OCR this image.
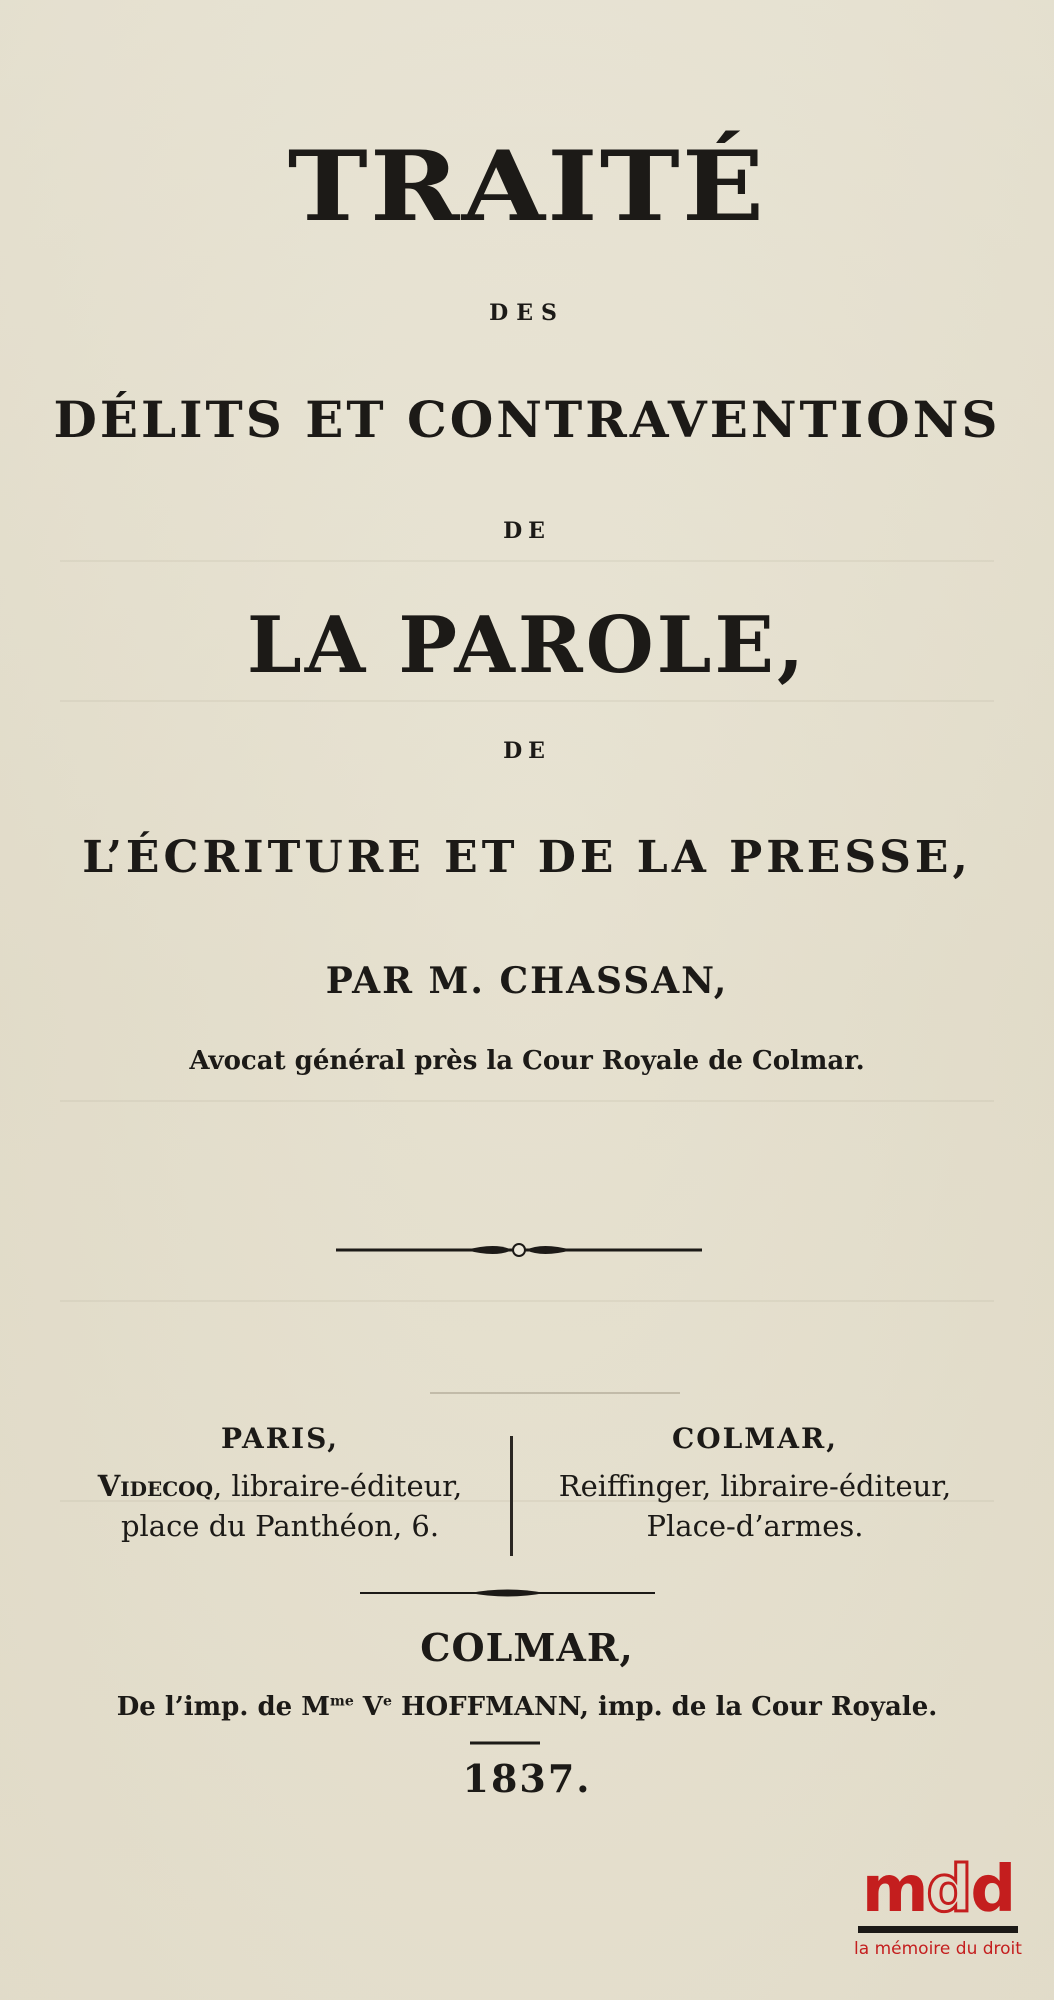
TRAITÉ
DES
DÉLITS ET CONTRAVENTIONS
DE
LA PAROLE,
DE
L’ÉCRITURE ET DE LA PRESSE,
PAR M. CHASSAN,
Avocat général près la Cour Royale de Colmar.
PARIS,
Videcoq, libraire-éditeur,
place du Panthéon, 6.
COLMAR,
Reiffinger, libraire-éditeur,
Place-d’armes.
COLMAR,
De l’imp. de $M^{me}$ Ve HOFFMANN, imp. de la Cour Royale.
1837.
mdd
la mémoire du droit
